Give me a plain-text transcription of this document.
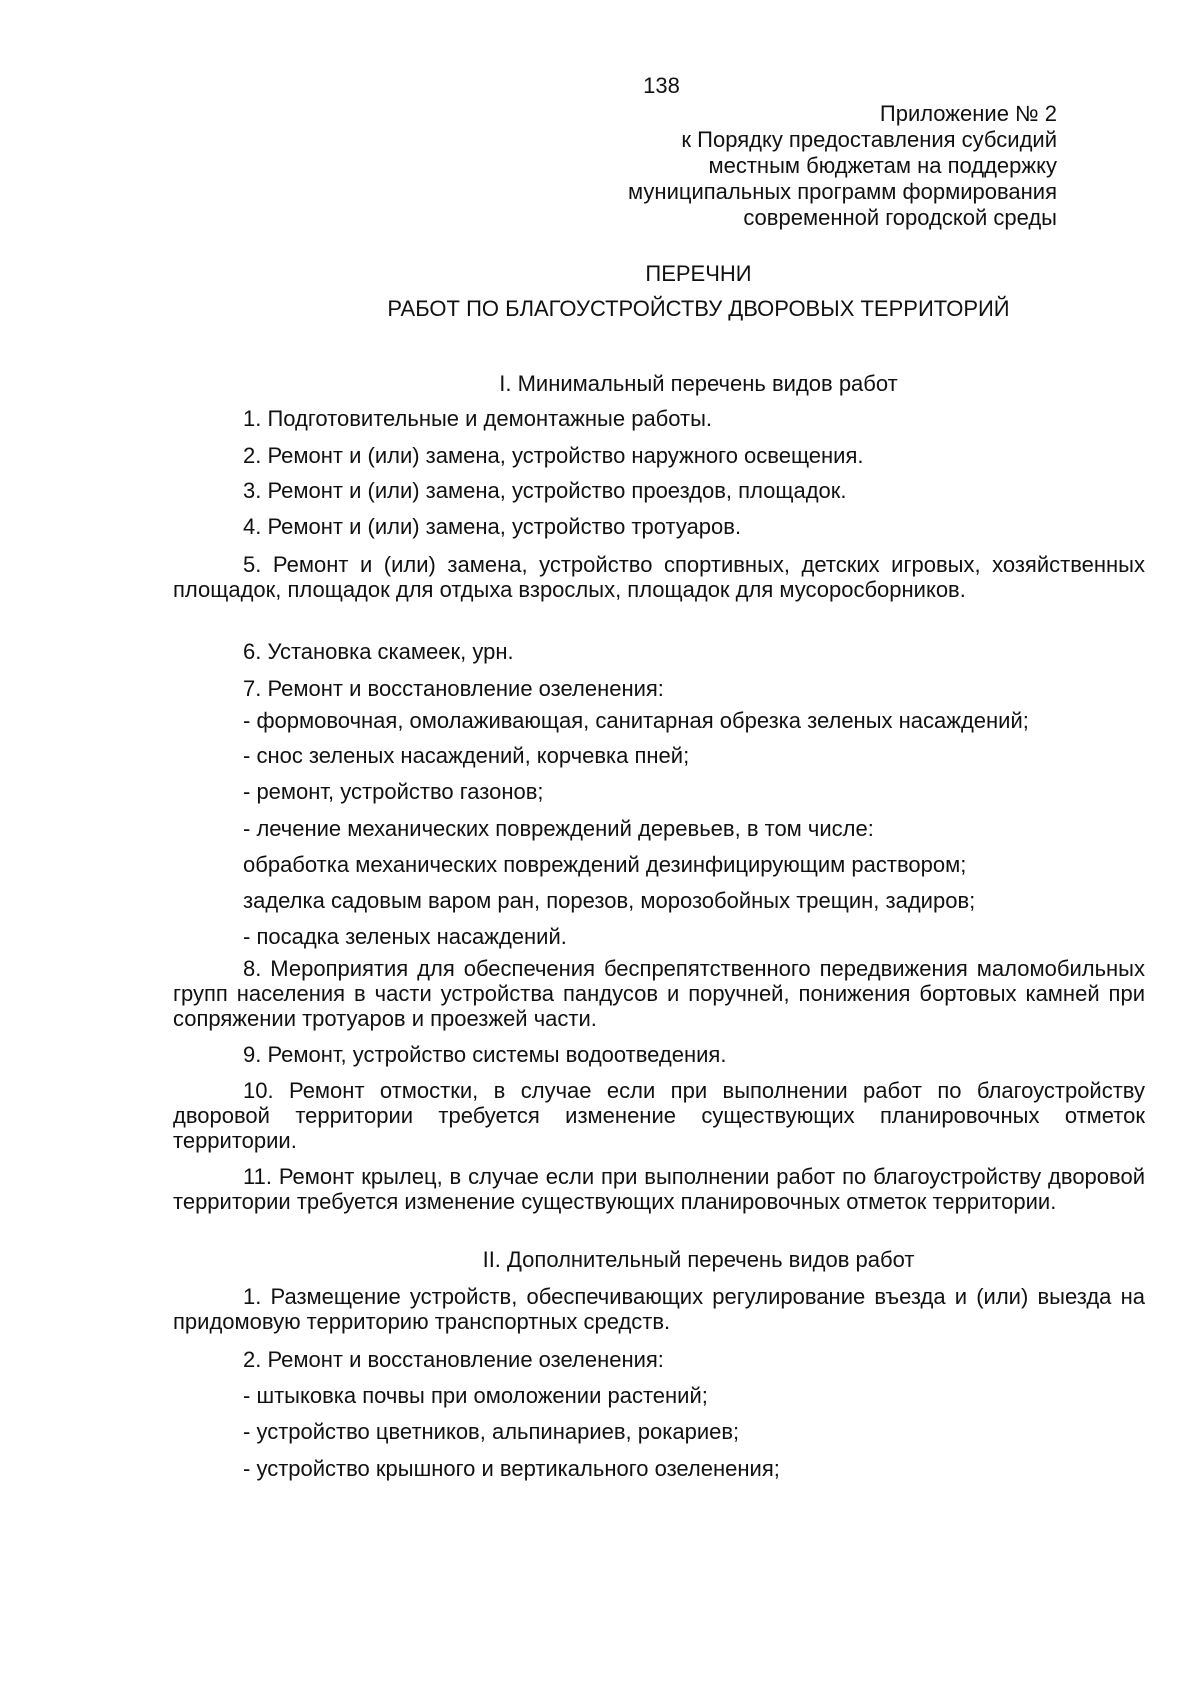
138
Приложение № 2
к Порядку предоставления субсидий
местным бюджетам на поддержку
муниципальных программ формирования
современной городской среды
ПЕРЕЧНИ
РАБОТ ПО БЛАГОУСТРОЙСТВУ ДВОРОВЫХ ТЕРРИТОРИЙ
I. Минимальный перечень видов работ
1. Подготовительные и демонтажные работы.
2. Ремонт и (или) замена, устройство наружного освещения.
3. Ремонт и (или) замена, устройство проездов, площадок.
4. Ремонт и (или) замена, устройство тротуаров.
5. Ремонт и (или) замена, устройство спортивных, детских игровых, хозяйственных площадок, площадок для отдыха взрослых, площадок для мусоросборников.
6. Установка скамеек, урн.
7. Ремонт и восстановление озеленения:
- формовочная, омолаживающая, санитарная обрезка зеленых насаждений;
- снос зеленых насаждений, корчевка пней;
- ремонт, устройство газонов;
- лечение механических повреждений деревьев, в том числе:
обработка механических повреждений дезинфицирующим раствором;
заделка садовым варом ран, порезов, морозобойных трещин, задиров;
- посадка зеленых насаждений.
8. Мероприятия для обеспечения беспрепятственного передвижения маломобильных групп населения в части устройства пандусов и поручней, понижения бортовых камней при сопряжении тротуаров и проезжей части.
9. Ремонт, устройство системы водоотведения.
10. Ремонт отмостки, в случае если при выполнении работ по благоустройству дворовой территории требуется изменение существующих планировочных отметок территории.
11. Ремонт крылец, в случае если при выполнении работ по благоустройству дворовой территории требуется изменение существующих планировочных отметок территории.
II. Дополнительный перечень видов работ
1. Размещение устройств, обеспечивающих регулирование въезда и (или) выезда на придомовую территорию транспортных средств.
2. Ремонт и восстановление озеленения:
- штыковка почвы при омоложении растений;
- устройство цветников, альпинариев, рокариев;
- устройство крышного и вертикального озеленения;
